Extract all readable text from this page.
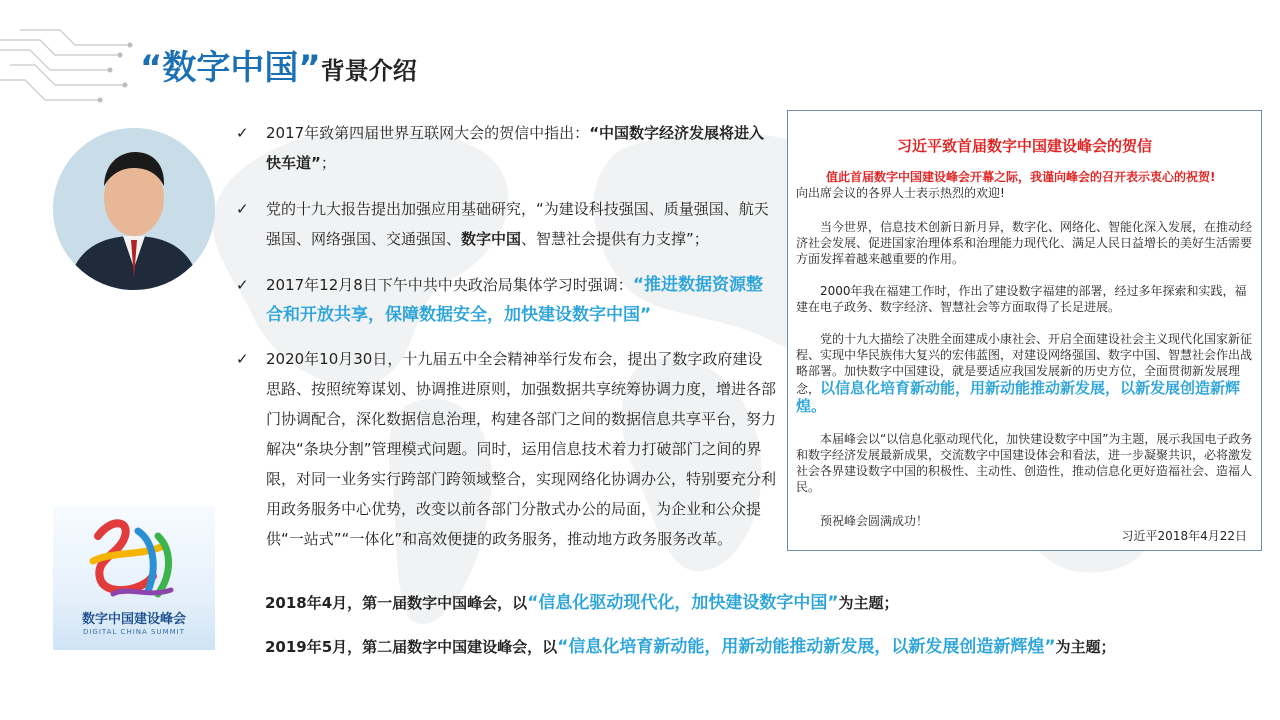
“数字中国”背景介绍
数字中国建设峰会
DIGITAL CHINA SUMMIT
✓ 2017年致第四届世界互联网大会的贺信中指出：“中国数字经济发展将进入快车道”；
✓ 党的十九大报告提出加强应用基础研究，“为建设科技强国、质量强国、航天强国、网络强国、交通强国、数字中国、智慧社会提供有力支撑”；
✓ 2017年12月8日下午中共中央政治局集体学习时强调：“推进数据资源整合和开放共享，保障数据安全，加快建设数字中国”
✓ 2020年10月30日，十九届五中全会精神举行发布会，提出了数字政府建设思路、按照统筹谋划、协调推进原则，加强数据共享统筹协调力度，增进各部门协调配合，深化数据信息治理，构建各部门之间的数据信息共享平台，努力解决“条块分割”管理模式问题。同时，运用信息技术着力打破部门之间的界限，对同一业务实行跨部门跨领域整合，实现网络化协调办公，特别要充分利用政务服务中心优势，改变以前各部门分散式办公的局面，为企业和公众提供“一站式”“一体化”和高效便捷的政务服务，推动地方政务服务改革。
2018年4月，第一届数字中国峰会，以“信息化驱动现代化，加快建设数字中国”为主题；
2019年5月，第二届数字中国建设峰会，以“信息化培育新动能，用新动能推动新发展，以新发展创造新辉煌”为主题；
习近平致首届数字中国建设峰会的贺信
值此首届数字中国建设峰会开幕之际，我谨向峰会的召开表示衷心的祝贺!
向出席会议的各界人士表示热烈的欢迎!
当今世界，信息技术创新日新月异，数字化、网络化、智能化深入发展，在推动经济社会发展、促进国家治理体系和治理能力现代化、满足人民日益增长的美好生活需要方面发挥着越来越重要的作用。
2000年我在福建工作时，作出了建设数字福建的部署，经过多年探索和实践，福建在电子政务、数字经济、智慧社会等方面取得了长足进展。
党的十九大描绘了决胜全面建成小康社会、开启全面建设社会主义现代化国家新征程、实现中华民族伟大复兴的宏伟蓝图，对建设网络强国、数字中国、智慧社会作出战略部署。加快数字中国建设，就是要适应我国发展新的历史方位，全面贯彻新发展理念，以信息化培育新动能，用新动能推动新发展，以新发展创造新辉煌。
本届峰会以“以信息化驱动现代化，加快建设数字中国”为主题，展示我国电子政务和数字经济发展最新成果，交流数字中国建设体会和看法，进一步凝聚共识，必将激发社会各界建设数字中国的积极性、主动性、创造性，推动信息化更好造福社会、造福人民。
预祝峰会圆满成功！
习近平2018年4月22日
